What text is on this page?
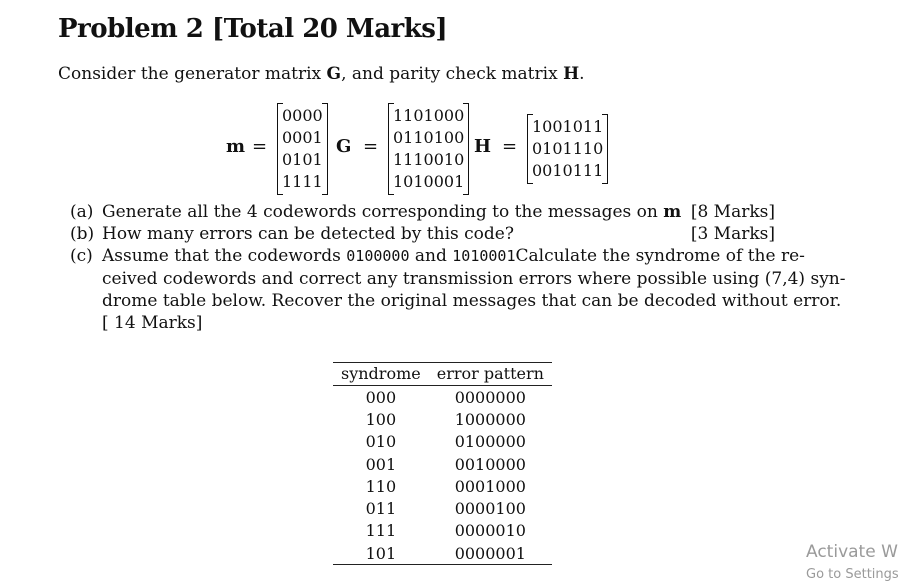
Problem 2 [Total 20 Marks]
Consider the generator matrix G, and parity check matrix H.
m =
0000
0001
0101
1111
G =
1101000
0110100
1110010
1010001
H =
1001011
0101110
0010111
(a) Generate all the 4 codewords corresponding to the messages on m [8 Marks]
(b) How many errors can be detected by this code?	[3 Marks]
(c) Assume that the codewords 0100000 and 1010001Calculate the syndrome of the re-
ceived codewords and correct any transmission errors where possible using (7,4) syn-
drome table below. Recover the original messages that can be decoded without error.
[ 14 Marks]
syndrome	error pattern
000	0000000
100	1000000
010	0100000
001	0010000
110	0001000
011	0000100
111	0000010
101	0000001	Activate W
Go to Settings
